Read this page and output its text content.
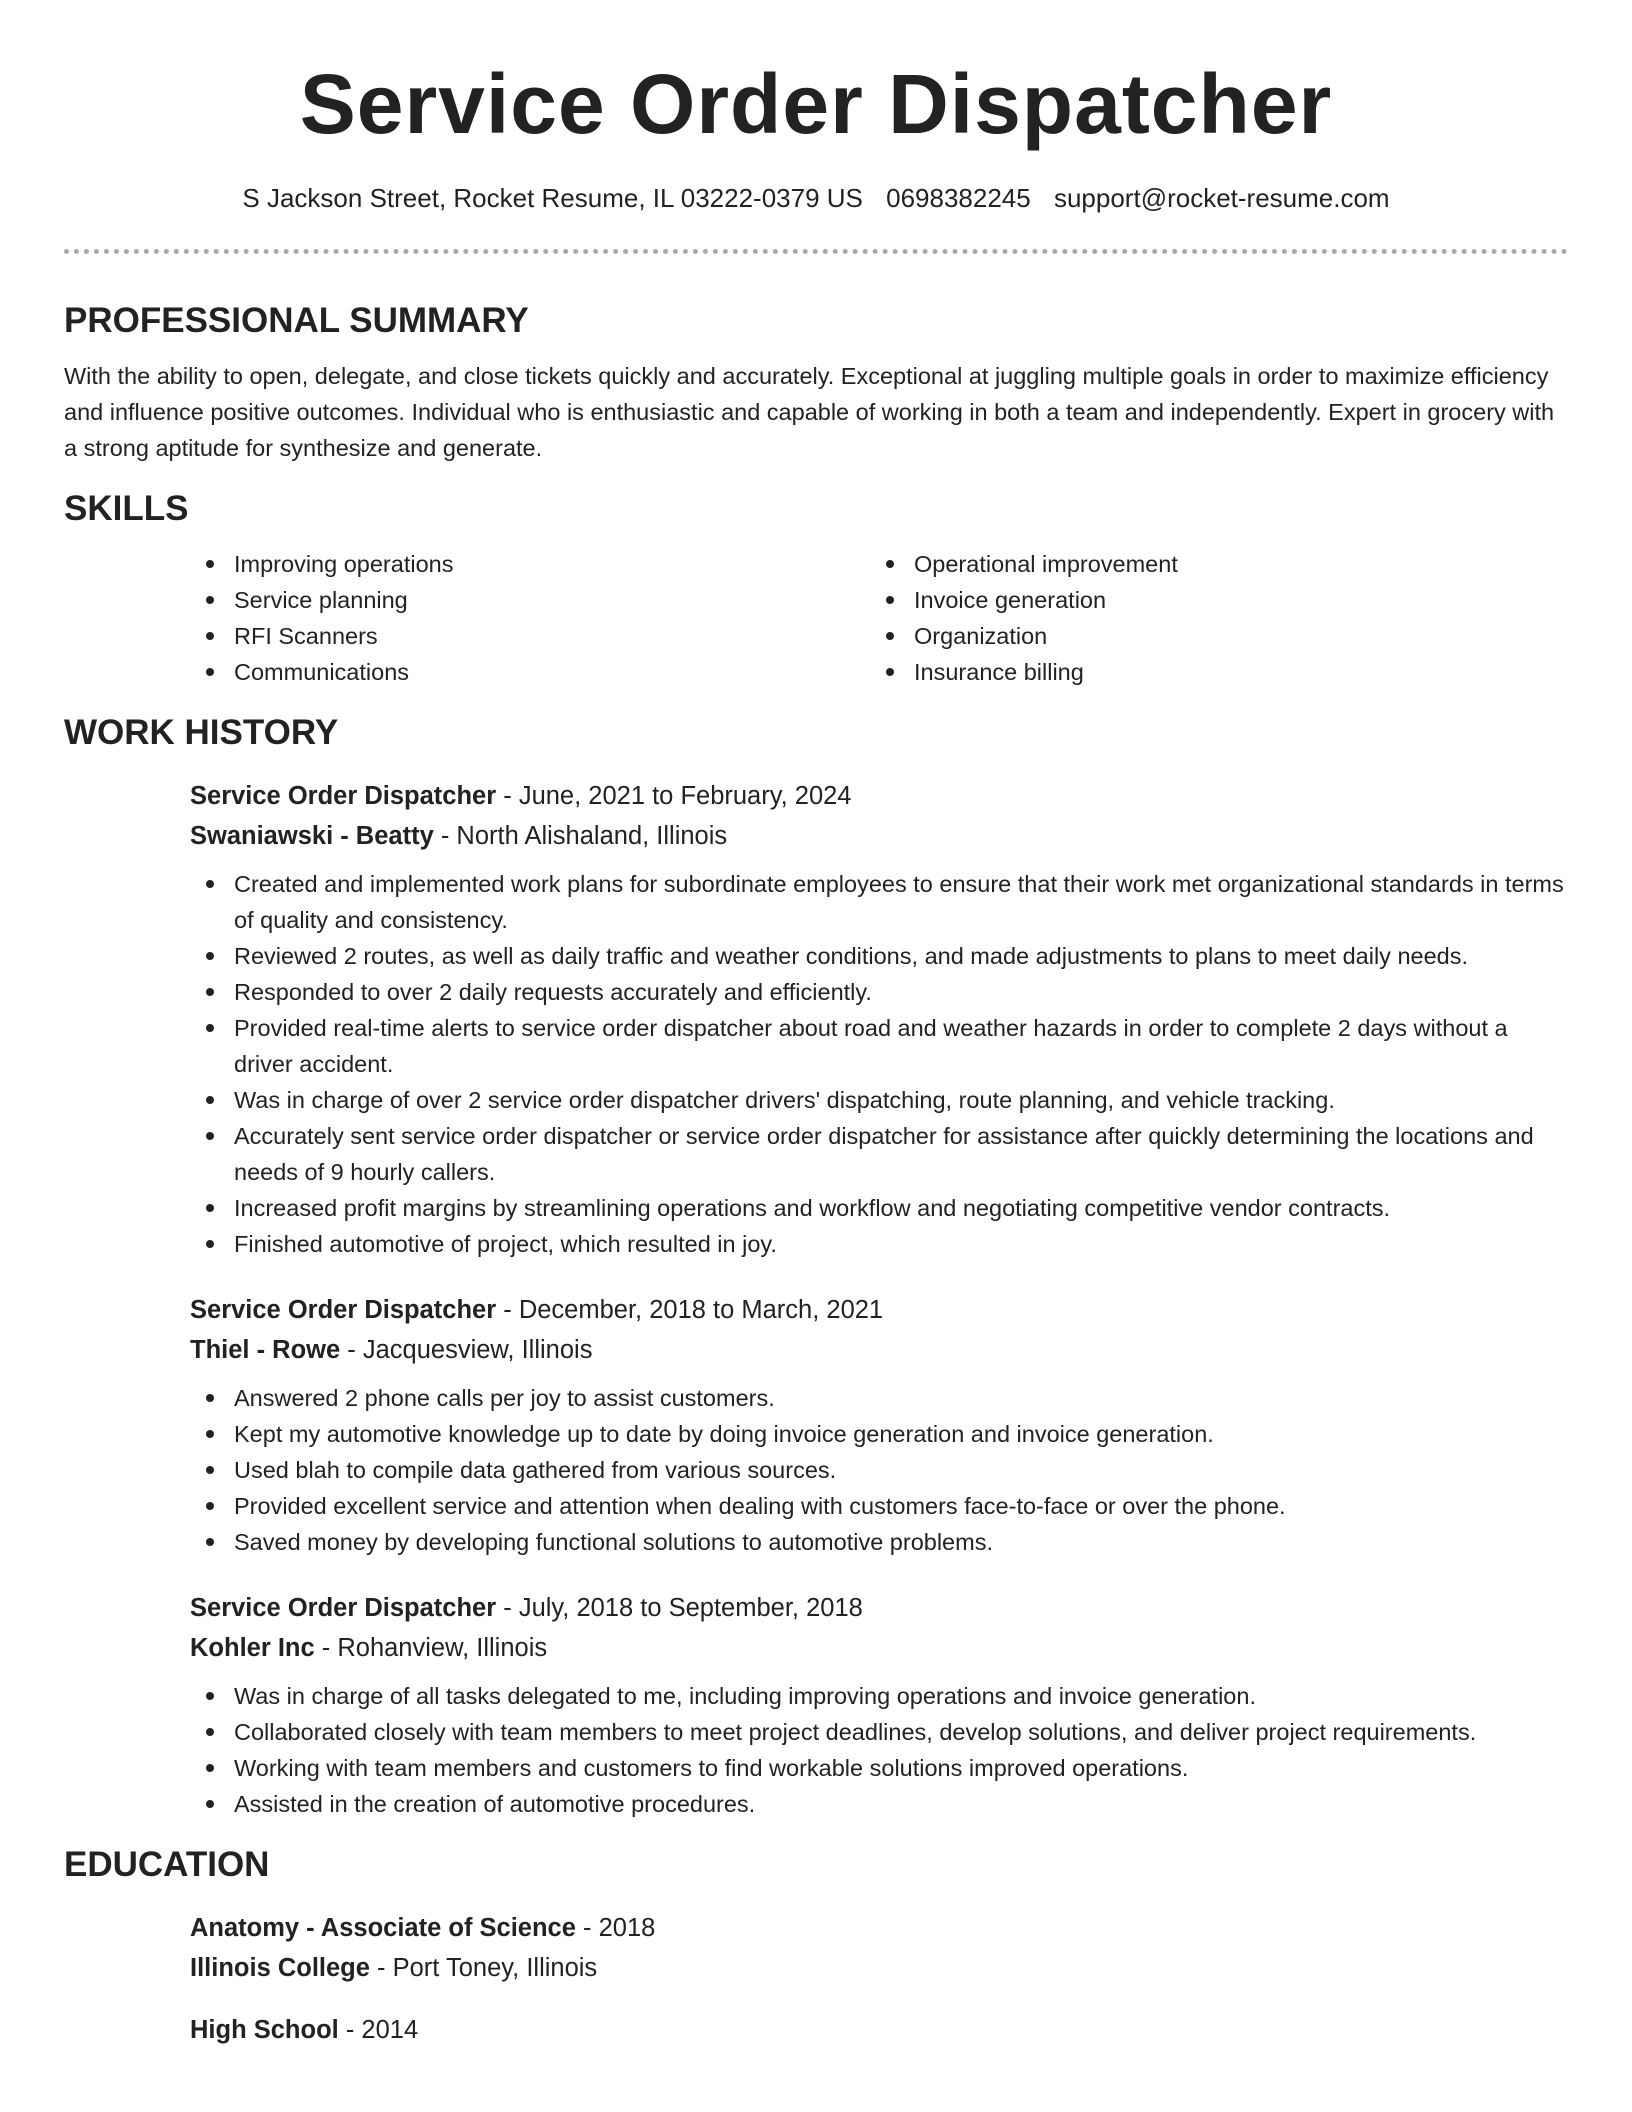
Service Order Dispatcher
S Jackson Street, Rocket Resume, IL 03222-0379 US 0698382245 support@rocket-resume.com
PROFESSIONAL SUMMARY

With the ability to open, delegate, and close tickets quickly and accurately. Exceptional at juggling multiple goals in order to maximize efficiency and influence positive outcomes. Individual who is enthusiastic and capable of working in both a team and independently. Expert in grocery with a strong aptitude for synthesize and generate.

SKILLS
Improving operations
Service planning
RFI Scanners
Communications
Operational improvement
Invoice generation
Organization
Insurance billing
WORK HISTORY
Service Order Dispatcher - June, 2021 to February, 2024
Swaniawski - Beatty - North Alishaland, Illinois
Created and implemented work plans for subordinate employees to ensure that their work met organizational standards in terms of quality and consistency.
Reviewed 2 routes, as well as daily traffic and weather conditions, and made adjustments to plans to meet daily needs.
Responded to over 2 daily requests accurately and efficiently.
Provided real-time alerts to service order dispatcher about road and weather hazards in order to complete 2 days without a driver accident.
Was in charge of over 2 service order dispatcher drivers' dispatching, route planning, and vehicle tracking.
Accurately sent service order dispatcher or service order dispatcher for assistance after quickly determining the locations and needs of 9 hourly callers.
Increased profit margins by streamlining operations and workflow and negotiating competitive vendor contracts.
Finished automotive of project, which resulted in joy.
Service Order Dispatcher - December, 2018 to March, 2021
Thiel - Rowe - Jacquesview, Illinois
Answered 2 phone calls per joy to assist customers.
Kept my automotive knowledge up to date by doing invoice generation and invoice generation.
Used blah to compile data gathered from various sources.
Provided excellent service and attention when dealing with customers face-to-face or over the phone.
Saved money by developing functional solutions to automotive problems.
Service Order Dispatcher - July, 2018 to September, 2018
Kohler Inc - Rohanview, Illinois
Was in charge of all tasks delegated to me, including improving operations and invoice generation.
Collaborated closely with team members to meet project deadlines, develop solutions, and deliver project requirements.
Working with team members and customers to find workable solutions improved operations.
Assisted in the creation of automotive procedures.
EDUCATION
Anatomy - Associate of Science - 2018
Illinois College - Port Toney, Illinois
High School - 2014
